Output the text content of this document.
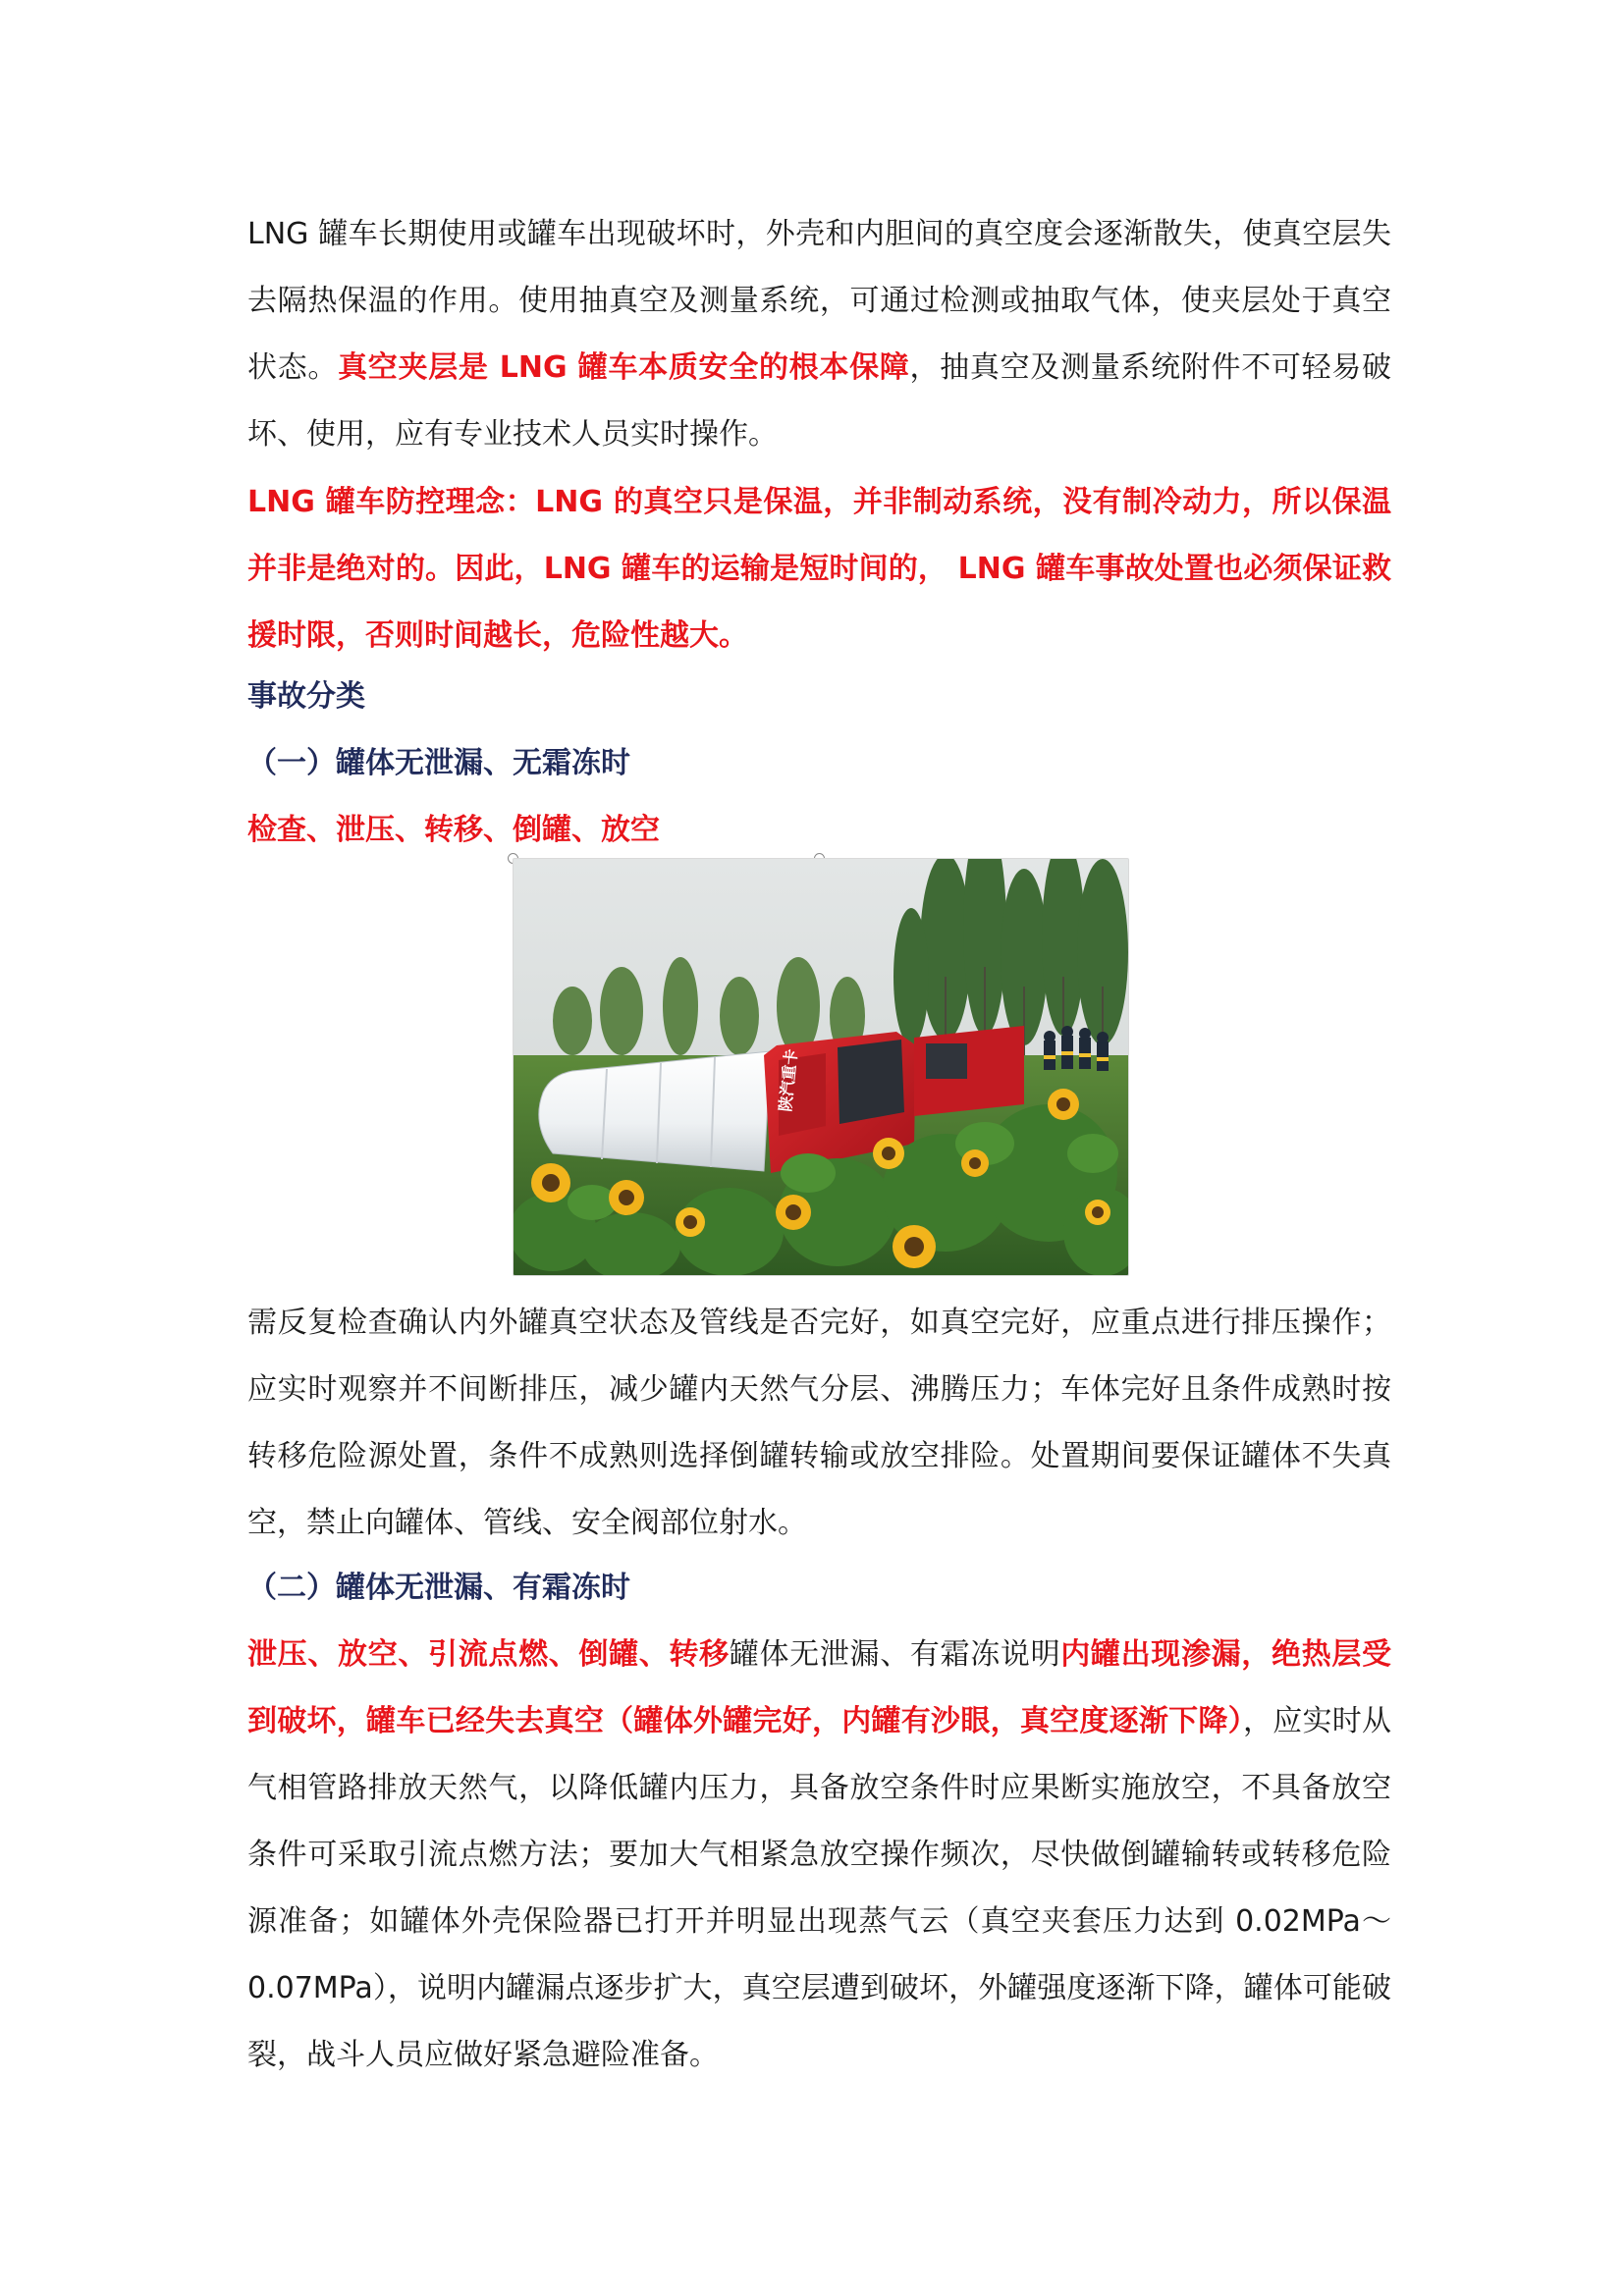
LNG 罐车长期使用或罐车出现破坏时，外壳和内胆间的真空度会逐渐散失，使真空层失去隔热保温的作用。使用抽真空及测量系统，可通过检测或抽取气体，使夹层处于真空状态。真空夹层是 LNG 罐车本质安全的根本保障，抽真空及测量系统附件不可轻易破坏、使用，应有专业技术人员实时操作。

LNG 罐车防控理念：LNG 的真空只是保温，并非制动系统，没有制冷动力，所以保温并非是绝对的。因此，LNG 罐车的运输是短时间的， LNG 罐车事故处置也必须保证救援时限，否则时间越长，危险性越大。

事故分类

（一）罐体无泄漏、无霜冻时

检查、泄压、转移、倒罐、放空

陕汽重卡

需反复检查确认内外罐真空状态及管线是否完好，如真空完好，应重点进行排压操作；应实时观察并不间断排压，减少罐内天然气分层、沸腾压力；车体完好且条件成熟时按转移危险源处置，条件不成熟则选择倒罐转输或放空排险。处置期间要保证罐体不失真空，禁止向罐体、管线、安全阀部位射水。

（二）罐体无泄漏、有霜冻时

泄压、放空、引流点燃、倒罐、转移罐体无泄漏、有霜冻说明内罐出现渗漏，绝热层受到破坏，罐车已经失去真空（罐体外罐完好，内罐有沙眼，真空度逐渐下降），应实时从气相管路排放天然气，以降低罐内压力，具备放空条件时应果断实施放空，不具备放空条件可采取引流点燃方法；要加大气相紧急放空操作频次，尽快做倒罐输转或转移危险源准备；如罐体外壳保险器已打开并明显出现蒸气云（真空夹套压力达到 0.02MPa～0.07MPa），说明内罐漏点逐步扩大，真空层遭到破坏，外罐强度逐渐下降，罐体可能破裂，战斗人员应做好紧急避险准备。
